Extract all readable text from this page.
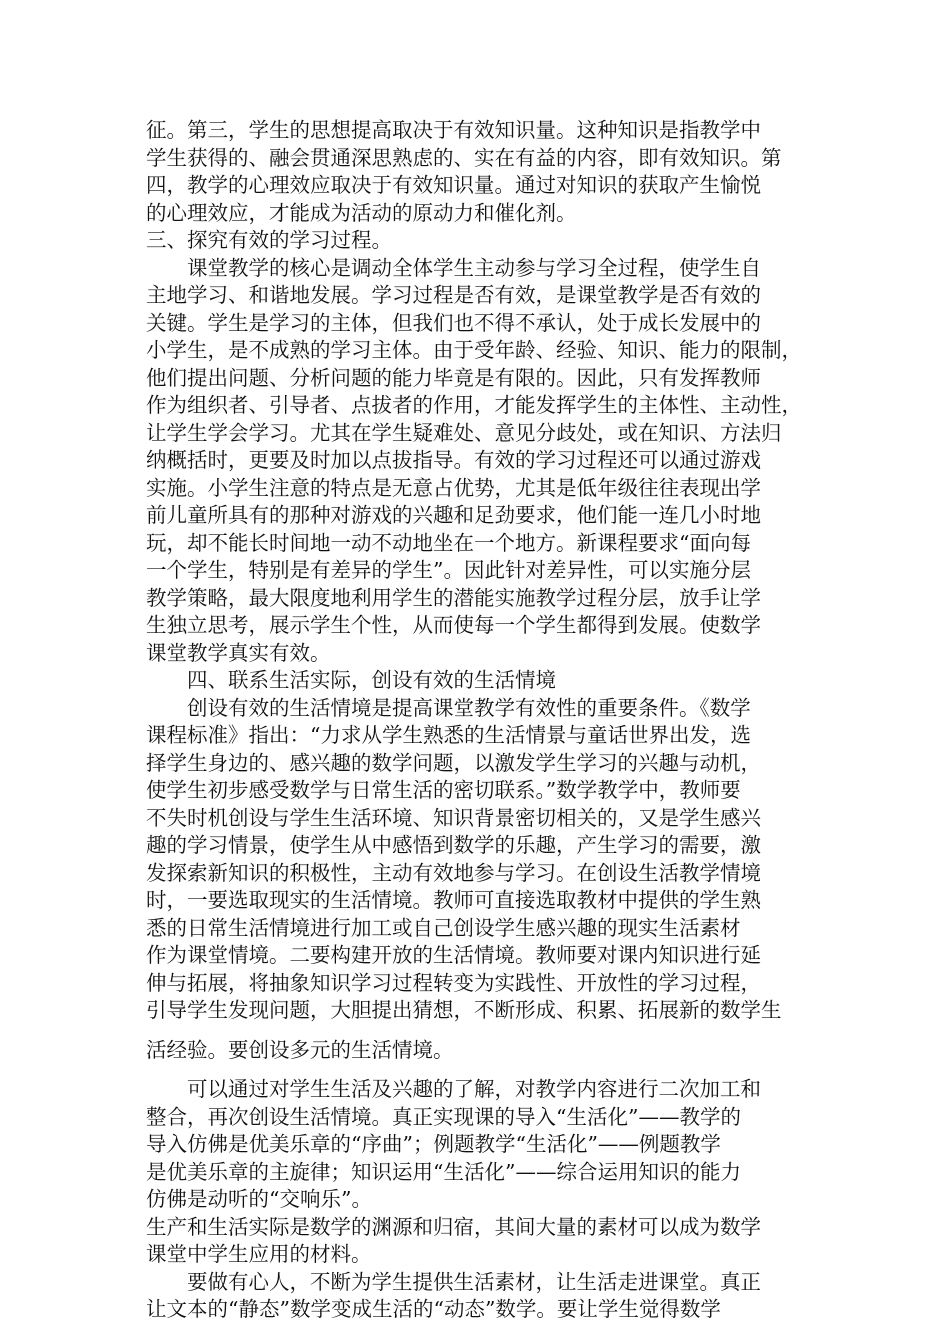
征。第三，学生的思想提高取决于有效知识量。这种知识是指教学中
学生获得的、融会贯通深思熟虑的、实在有益的内容，即有效知识。第
四，教学的心理效应取决于有效知识量。通过对知识的获取产生愉悦
的心理效应，才能成为活动的原动力和催化剂。
三、探究有效的学习过程。
　　课堂教学的核心是调动全体学生主动参与学习全过程，使学生自
主地学习、和谐地发展。学习过程是否有效，是课堂教学是否有效的
关键。学生是学习的主体，但我们也不得不承认，处于成长发展中的
小学生，是不成熟的学习主体。由于受年龄、经验、知识、能力的限制，
他们提出问题、分析问题的能力毕竟是有限的。因此，只有发挥教师
作为组织者、引导者、点拔者的作用，才能发挥学生的主体性、主动性，
让学生学会学习。尤其在学生疑难处、意见分歧处，或在知识、方法归
纳概括时，更要及时加以点拔指导。有效的学习过程还可以通过游戏
实施。小学生注意的特点是无意占优势，尤其是低年级往往表现出学
前儿童所具有的那种对游戏的兴趣和足劲要求，他们能一连几小时地
玩，却不能长时间地一动不动地坐在一个地方。新课程要求“面向每
一个学生，特别是有差异的学生”。因此针对差异性，可以实施分层
教学策略，最大限度地利用学生的潜能实施教学过程分层，放手让学
生独立思考，展示学生个性，从而使每一个学生都得到发展。使数学
课堂教学真实有效。
　　四、联系生活实际，创设有效的生活情境
　　创设有效的生活情境是提高课堂教学有效性的重要条件。《数学
课程标准》指出：“力求从学生熟悉的生活情景与童话世界出发，选
择学生身边的、感兴趣的数学问题，以激发学生学习的兴趣与动机，
使学生初步感受数学与日常生活的密切联系。”数学教学中，教师要
不失时机创设与学生生活环境、知识背景密切相关的，又是学生感兴
趣的学习情景，使学生从中感悟到数学的乐趣，产生学习的需要，激
发探索新知识的积极性，主动有效地参与学习。在创设生活教学情境
时，一要选取现实的生活情境。教师可直接选取教材中提供的学生熟
悉的日常生活情境进行加工或自己创设学生感兴趣的现实生活素材
作为课堂情境。二要构建开放的生活情境。教师要对课内知识进行延
伸与拓展，将抽象知识学习过程转变为实践性、开放性的学习过程，
引导学生发现问题，大胆提出猜想，不断形成、积累、拓展新的数学生
活经验。要创设多元的生活情境。
　　可以通过对学生生活及兴趣的了解，对教学内容进行二次加工和
整合，再次创设生活情境。真正实现课的导入“生活化”——教学的
导入仿佛是优美乐章的“序曲”；例题教学“生活化”——例题教学
是优美乐章的主旋律；知识运用“生活化”——综合运用知识的能力
仿佛是动听的“交响乐”。
生产和生活实际是数学的渊源和归宿，其间大量的素材可以成为数学
课堂中学生应用的材料。
　　要做有心人，不断为学生提供生活素材，让生活走进课堂。真正
让文本的“静态”数学变成生活的“动态”数学。要让学生觉得数学
